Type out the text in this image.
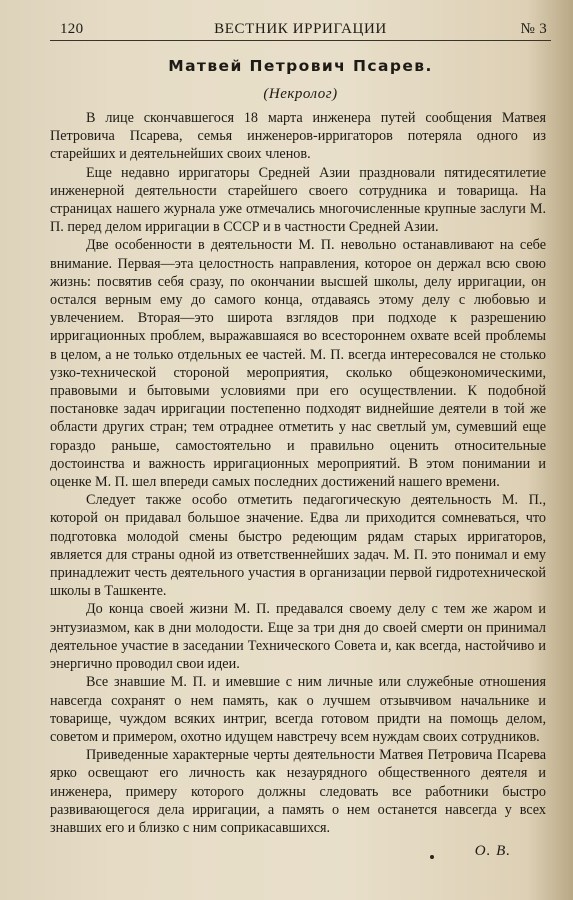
120	ВЕСТНИК ИРРИГАЦИИ	№ 3
Матвей Петрович Псарев.
(Некролог)

В лице скончавшегося 18 марта инженера путей сообщения Матвея Петровича Псарева, семья инженеров-ирригаторов потеряла одного из старейших и деятельнейших своих членов.

Еще недавно ирригаторы Средней Азии праздновали пятидесятилетие инженерной деятельности старейшего своего сотрудника и товарища. На страницах нашего журнала уже отмечались многочисленные крупные заслуги М. П. перед делом ирригации в СССР и в частности Средней Азии.

Две особенности в деятельности М. П. невольно останавливают на себе внимание. Первая—эта целостность направления, которое он держал всю свою жизнь: посвятив себя сразу, по окончании высшей школы, делу ирригации, он остался верным ему до самого конца, отдаваясь этому делу с любовью и увлечением. Вторая—это широта взглядов при подходе к разрешению ирригационных проблем, выражавшаяся во всестороннем охвате всей проблемы в целом, а не только отдельных ее частей. М. П. всегда интересовался не столько узко-технической стороной мероприятия, сколько общеэкономическими, правовыми и бытовыми условиями при его осуществлении. К подобной постановке задач ирригации постепенно подходят виднейшие деятели в той же области других стран; тем отраднее отметить у нас светлый ум, сумевший еще гораздо раньше, самостоятельно и правильно оценить относительные достоинства и важность ирригационных мероприятий. В этом понимании и оценке М. П. шел впереди самых последних достижений нашего времени.

Следует также особо отметить педагогическую деятельность М. П., которой он придавал большое значение. Едва ли приходится сомневаться, что подготовка молодой смены быстро редеющим рядам старых ирригаторов, является для страны одной из ответственнейших задач. М. П. это понимал и ему принадлежит честь деятельного участия в организации первой гидротехнической школы в Ташкенте.

До конца своей жизни М. П. предавался своему делу с тем же жаром и энтузиазмом, как в дни молодости. Еще за три дня до своей смерти он принимал деятельное участие в заседании Технического Совета и, как всегда, настойчиво и энергично проводил свои идеи.

Все знавшие М. П. и имевшие с ним личные или служебные отношения навсегда сохранят о нем память, как о лучшем отзывчивом начальнике и товарище, чуждом всяких интриг, всегда готовом придти на помощь делом, советом и примером, охотно идущем навстречу всем нуждам своих сотрудников.

Приведенные характерные черты деятельности Матвея Петровича Псарева ярко освещают его личность как незаурядного общественного деятеля и инженера, примеру которого должны следовать все работники быстро развивающегося дела ирригации, а память о нем останется навсегда у всех знавших его и близко с ним соприкасавшихся.

О. В.
